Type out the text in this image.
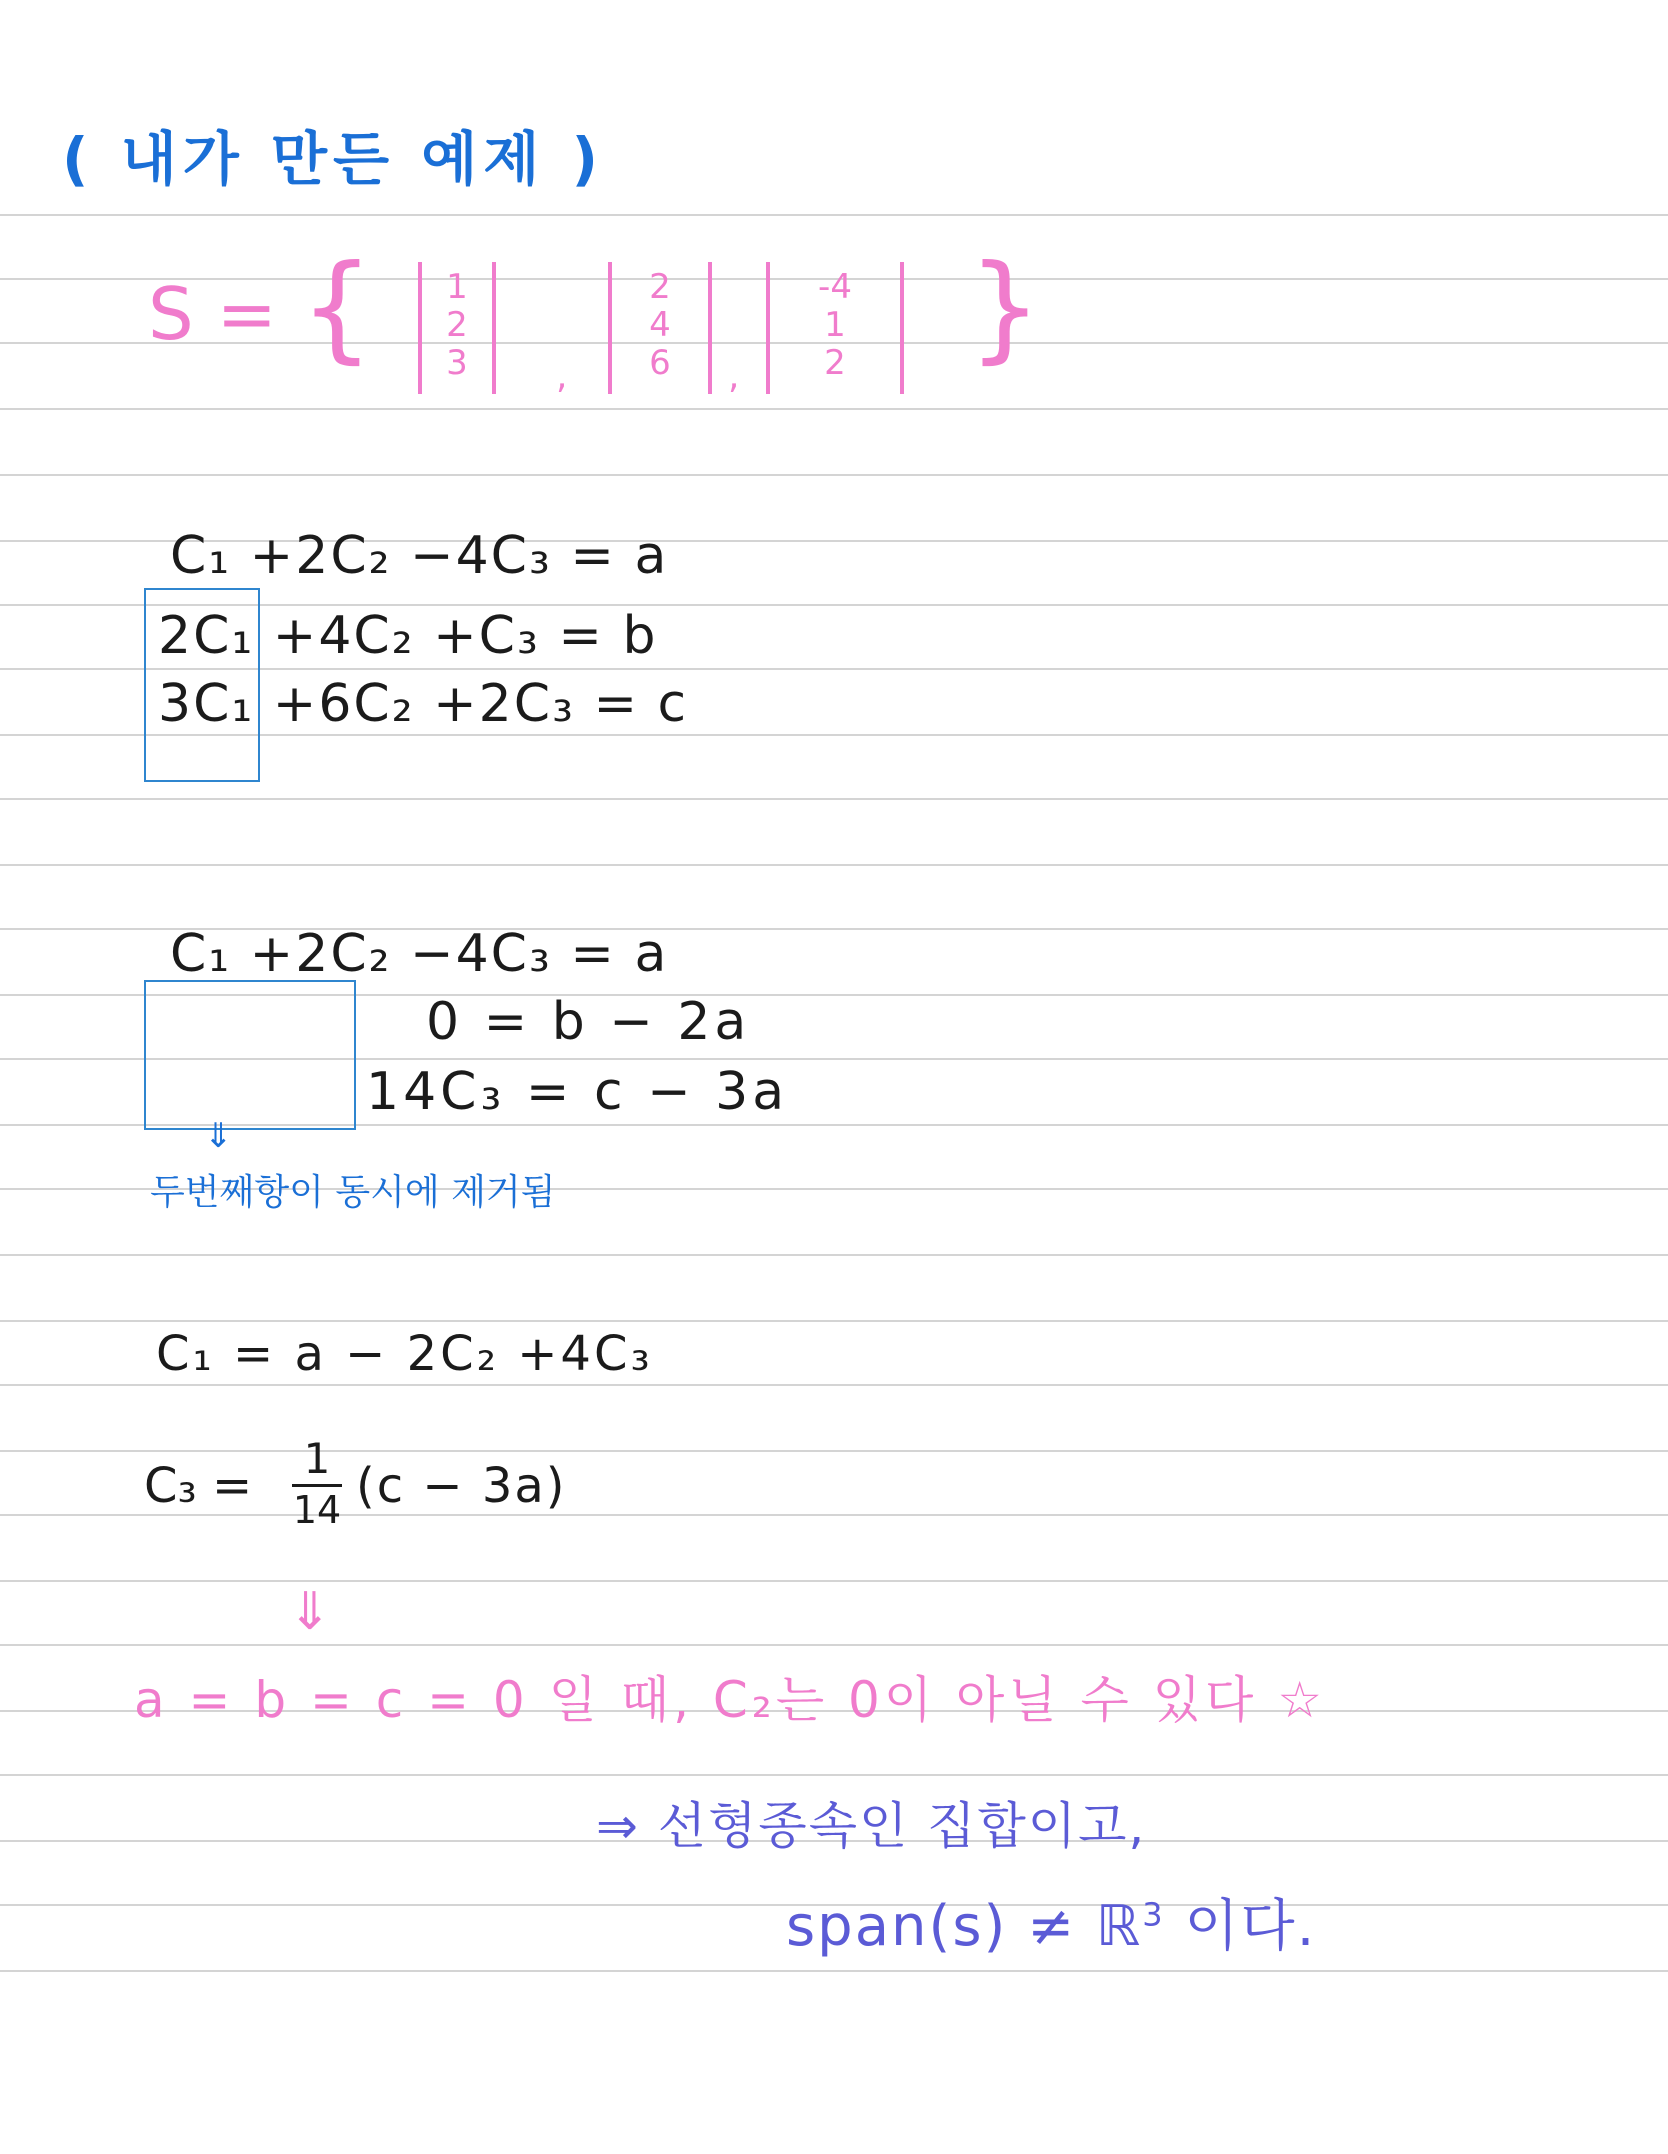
( 내가 만든 예제 )
S = {	1
2
3	,
2
4
6	,
-4
1
2	}
C₁ +2C₂ −4C₃ = a
2C₁ +4C₂ +C₃ = b
3C₁ +6C₂ +2C₃ = c
C₁ +2C₂ −4C₃ = a
0 = b − 2a
14C₃ = c − 3a
⇓
두번째항이 동시에 제거됨
C₁ = a − 2C₂ +4C₃
C₃ = 1
14 (c − 3a)
⇓
a = b = c = 0 일 때, C₂는 0이 아닐 수 있다 ☆
⇒ 선형종속인 집합이고,
span(s) ≠ ℝ$^3$ 이다.
